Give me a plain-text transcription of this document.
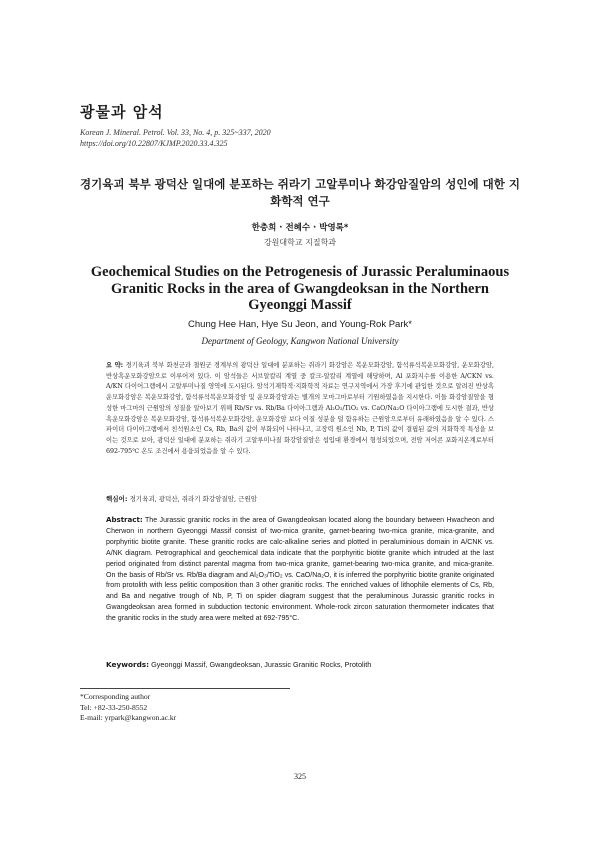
광물과 암석
Korean J. Mineral. Petrol. Vol. 33, No. 4, p. 325~337, 2020
https://doi.org/10.22807/KJMP.2020.33.4.325
경기육괴 북부 광덕산 일대에 분포하는 쥐라기 고알루미나 화강암질암의 성인에 대한 지화학적 연구
한충희 · 전혜수 · 박영록*
강원대학교 지질학과
Geochemical Studies on the Petrogenesis of Jurassic Peraluminaous Granitic Rocks in the area of Gwangdeoksan in the Northern Gyeonggi Massif
Chung Hee Han, Hye Su Jeon, and Young-Rok Park*
Department of Geology, Kangwon National University
요 약: 경기육괴 북부 화천군과 철원군 경계부의 광덕산 일대에 분포하는 쥐라기 화강암은 복운모화강암, 함석류석복운모화강암, 운모화강암, 반상흑운모화강암으로 이루어져 있다. 이 암석들은 서브알칼리 계열 중 칼크-알칼리 계열에 해당하며, Al 포화지수를 이용한 A/CKN vs. A/KN 다이어그램에서 고알루미나질 영역에 도시된다. 암석기재학적·지화학적 자료는 연구지역에서 가장 후기에 관입한 것으로 알려진 반상흑운모화강암은 복운모화강암, 함석류석복운모화강암 및 운모화강암과는 별개의 모마그마로부터 기원하였음을 지시한다. 이들 화강암질암을 형성한 마그마의 근원암의 성질을 알아보기 위해 Rb/Sr vs. Rb/Ba 다이아그램과 Al₂O₃/TiO₂ vs. CaO/Na₂O 다이아그램에 도시한 결과, 반상흑운모화강암은 복운모화강암, 함석류석복운모화강암, 운모화강암 보다 이질 성분을 덜 함유하는 근원암으로부터 유래하였음을 알 수 있다. 스파이더 다이아그램에서 친석원소인 Cs, Rb, Ba의 값이 부화되어 나타나고, 고장력 원소인 Nb, P, Ti의 값이 결핍된 값의 지화학적 특성을 보이는 것으로 보아, 광덕산 일대에 분포하는 쥐라기 고알루미나질 화강암질암은 섭입대 환경에서 형성되었으며, 전암 저어콘 포화지온계로부터 692-795℃ 온도 조건에서 용융되었음을 알 수 있다.
핵심어: 경기육괴, 광덕산, 쥐라기 화강암질암, 근원암
Abstract: The Jurassic granitic rocks in the area of Gwangdeoksan located along the boundary between Hwacheon and Cherwon in northern Gyeonggi Massif consist of two-mica granite, garnet-bearing two-mica granite, mica-granite, and porphyritic biotite granite. These granitic rocks are calc-alkaline series and plotted in peraluminious domain in A/CNK vs. A/NK diagram. Petrographical and geochemical data indicate that the porphyritic biotite granite which intruded at the last period originated from distinct parental magma from two-mica granite, garnet-bearing two-mica granite, and mica-granite. On the basis of Rb/Sr vs. Rb/Ba diagram and Al₂O₃/TiO₂ vs. CaO/Na₂O, it is inferred the porphyritic biotite granite originated from protolith with less pelitic composition than 3 other granitic rocks. The enriched values of lithophile elements of Cs, Rb, and Ba and negative trough of Nb, P, Ti on spider diagram suggest that the peraluminous Jurassic granitic rocks in Gwangdeoksan area formed in subduction tectonic environment. Whole-rock zircon saturation thermometer indicates that the granitic rocks in the study area were melted at 692-795°C.
Keywords: Gyeonggi Massif, Gwangdeoksan, Jurassic Granitic Rocks, Protolith
*Corresponding author
Tel: +82-33-250-8552
E-mail: yrpark@kangwon.ac.kr
325
